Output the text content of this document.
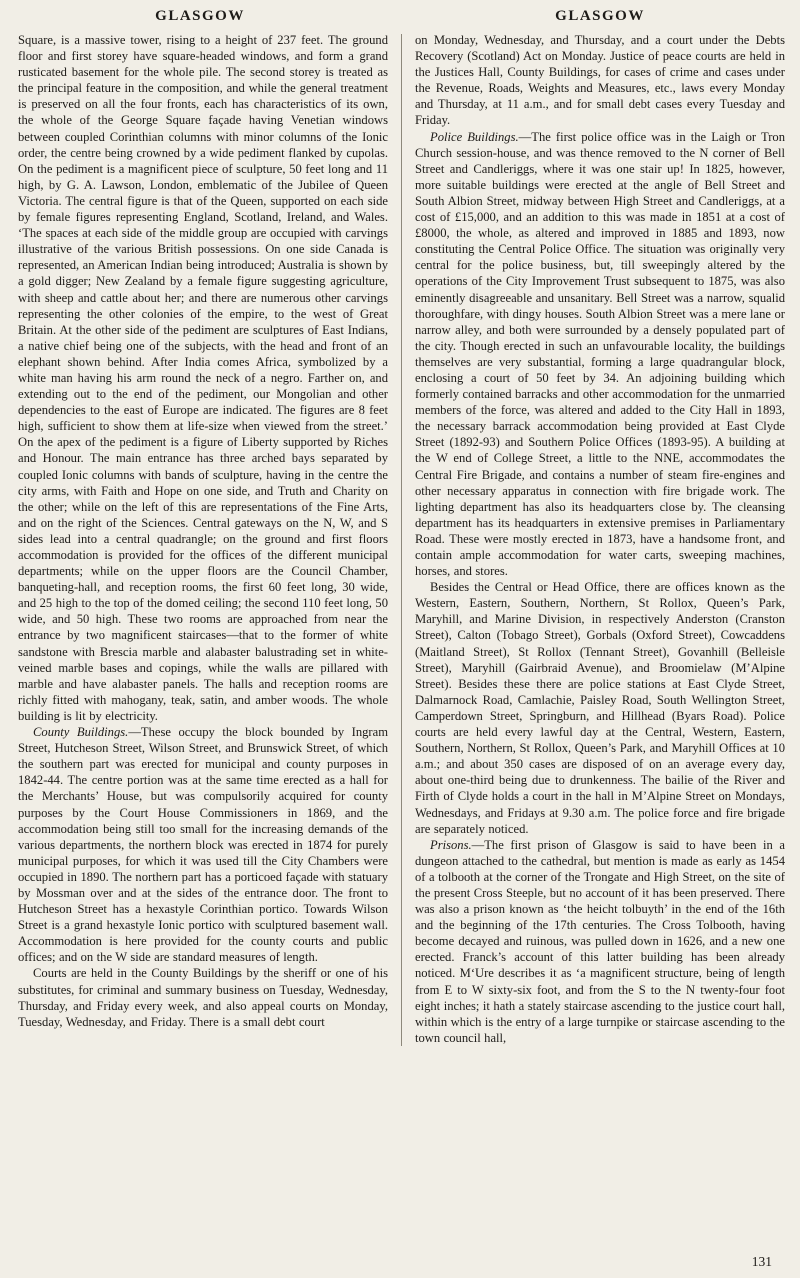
GLASGOW	GLASGOW

Square, is a massive tower, rising to a height of 237 feet. The ground floor and first storey have square-headed windows, and form a grand rusticated basement for the whole pile. The second storey is treated as the principal feature in the composition, and while the general treatment is preserved on all the four fronts, each has characteristics of its own, the whole of the George Square façade having Venetian windows between coupled Corinthian columns with minor columns of the Ionic order, the centre being crowned by a wide pediment flanked by cupolas. On the pediment is a magnificent piece of sculpture, 50 feet long and 11 high, by G. A. Lawson, London, emblematic of the Jubilee of Queen Victoria. The central figure is that of the Queen, supported on each side by female figures representing England, Scotland, Ireland, and Wales. ‘The spaces at each side of the middle group are occupied with carvings illustrative of the various British possessions. On one side Canada is represented, an American Indian being introduced; Australia is shown by a gold digger; New Zealand by a female figure suggesting agriculture, with sheep and cattle about her; and there are numerous other carvings representing the other colonies of the empire, to the west of Great Britain. At the other side of the pediment are sculptures of East Indians, a native chief being one of the subjects, with the head and front of an elephant shown behind. After India comes Africa, symbolized by a white man having his arm round the neck of a negro. Farther on, and extending out to the end of the pediment, our Mongolian and other dependencies to the east of Europe are indicated. The figures are 8 feet high, sufficient to show them at life-size when viewed from the street.’ On the apex of the pediment is a figure of Liberty supported by Riches and Honour. The main entrance has three arched bays separated by coupled Ionic columns with bands of sculpture, having in the centre the city arms, with Faith and Hope on one side, and Truth and Charity on the other; while on the left of this are representations of the Fine Arts, and on the right of the Sciences. Central gateways on the N, W, and S sides lead into a central quadrangle; on the ground and first floors accommodation is provided for the offices of the different municipal departments; while on the upper floors are the Council Chamber, banqueting-hall, and reception rooms, the first 60 feet long, 30 wide, and 25 high to the top of the domed ceiling; the second 110 feet long, 50 wide, and 50 high. These two rooms are approached from near the entrance by two magnificent staircases—that to the former of white sandstone with Brescia marble and alabaster balustrading set in white-veined marble bases and copings, while the walls are pillared with marble and have alabaster panels. The halls and reception rooms are richly fitted with mahogany, teak, satin, and amber woods. The whole building is lit by electricity.

County Buildings.—These occupy the block bounded by Ingram Street, Hutcheson Street, Wilson Street, and Brunswick Street, of which the southern part was erected for municipal and county purposes in 1842-44. The centre portion was at the same time erected as a hall for the Merchants’ House, but was compulsorily acquired for county purposes by the Court House Commissioners in 1869, and the accommodation being still too small for the increasing demands of the various departments, the northern block was erected in 1874 for purely municipal purposes, for which it was used till the City Chambers were occupied in 1890. The northern part has a porticoed façade with statuary by Mossman over and at the sides of the entrance door. The front to Hutcheson Street has a hexastyle Corinthian portico. Towards Wilson Street is a grand hexastyle Ionic portico with sculptured basement wall. Accommodation is here provided for the county courts and public offices; and on the W side are standard measures of length.

Courts are held in the County Buildings by the sheriff or one of his substitutes, for criminal and summary business on Tuesday, Wednesday, Thursday, and Friday every week, and also appeal courts on Monday, Tuesday, Wednesday, and Friday. There is a small debt court

on Monday, Wednesday, and Thursday, and a court under the Debts Recovery (Scotland) Act on Monday. Justice of peace courts are held in the Justices Hall, County Buildings, for cases of crime and cases under the Revenue, Roads, Weights and Measures, etc., laws every Monday and Thursday, at 11 a.m., and for small debt cases every Tuesday and Friday.

Police Buildings.—The first police office was in the Laigh or Tron Church session-house, and was thence removed to the N corner of Bell Street and Candleriggs, where it was one stair up! In 1825, however, more suitable buildings were erected at the angle of Bell Street and South Albion Street, midway between High Street and Candleriggs, at a cost of £15,000, and an addition to this was made in 1851 at a cost of £8000, the whole, as altered and improved in 1885 and 1893, now constituting the Central Police Office. The situation was originally very central for the police business, but, till sweepingly altered by the operations of the City Improvement Trust subsequent to 1875, was also eminently disagreeable and unsanitary. Bell Street was a narrow, squalid thoroughfare, with dingy houses. South Albion Street was a mere lane or narrow alley, and both were surrounded by a densely populated part of the city. Though erected in such an unfavourable locality, the buildings themselves are very substantial, forming a large quadrangular block, enclosing a court of 50 feet by 34. An adjoining building which formerly contained barracks and other accommodation for the unmarried members of the force, was altered and added to the City Hall in 1893, the necessary barrack accommodation being provided at East Clyde Street (1892-93) and Southern Police Offices (1893-95). A building at the W end of College Street, a little to the NNE, accommodates the Central Fire Brigade, and contains a number of steam fire-engines and other necessary apparatus in connection with fire brigade work. The lighting department has also its headquarters close by. The cleansing department has its headquarters in extensive premises in Parliamentary Road. These were mostly erected in 1873, have a handsome front, and contain ample accommodation for water carts, sweeping machines, horses, and stores.

Besides the Central or Head Office, there are offices known as the Western, Eastern, Southern, Northern, St Rollox, Queen’s Park, Maryhill, and Marine Division, in respectively Anderston (Cranston Street), Calton (Tobago Street), Gorbals (Oxford Street), Cowcaddens (Maitland Street), St Rollox (Tennant Street), Govanhill (Belleisle Street), Maryhill (Gairbraid Avenue), and Broomielaw (M’Alpine Street). Besides these there are police stations at East Clyde Street, Dalmarnock Road, Camlachie, Paisley Road, South Wellington Street, Camperdown Street, Springburn, and Hillhead (Byars Road). Police courts are held every lawful day at the Central, Western, Eastern, Southern, Northern, St Rollox, Queen’s Park, and Maryhill Offices at 10 a.m.; and about 350 cases are disposed of on an average every day, about one-third being due to drunkenness. The bailie of the River and Firth of Clyde holds a court in the hall in M’Alpine Street on Mondays, Wednesdays, and Fridays at 9.30 a.m. The police force and fire brigade are separately noticed.

Prisons.—The first prison of Glasgow is said to have been in a dungeon attached to the cathedral, but mention is made as early as 1454 of a tolbooth at the corner of the Trongate and High Street, on the site of the present Cross Steeple, but no account of it has been preserved. There was also a prison known as ‘the heicht tolbuyth’ in the end of the 16th and the beginning of the 17th centuries. The Cross Tolbooth, having become decayed and ruinous, was pulled down in 1626, and a new one erected. Franck’s account of this latter building has been already noticed. M‘Ure describes it as ‘a magnificent structure, being of length from E to W sixty-six foot, and from the S to the N twenty-four foot eight inches; it hath a stately staircase ascending to the justice court hall, within which is the entry of a large turnpike or staircase ascending to the town council hall,

131
